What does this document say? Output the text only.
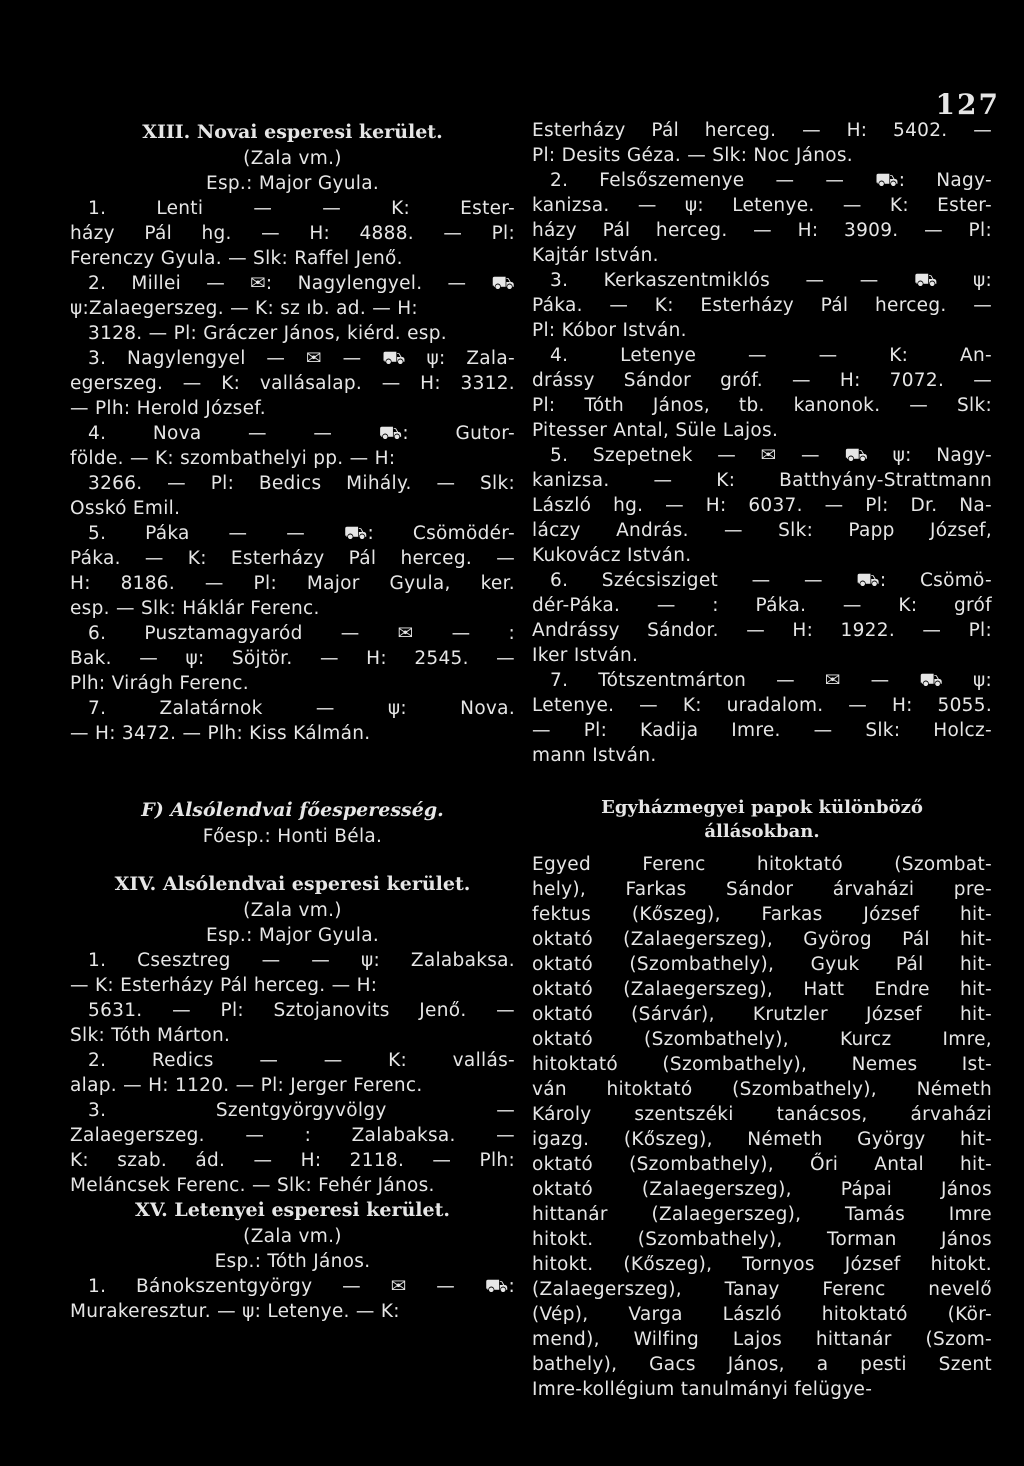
127
XIII. Novai esperesi kerület.
(Zala vm.)
Esp.: Major Gyula.
1. Lenti — — K: Ester-
házy Pál hg. — H: 4888. — Pl:
Ferenczy Gyula. — Slk: Raffel Jenő.
2. Millei — ✉: Nagylengyel. — ⛟
ψ:Zalaegerszeg. — K: sz ıb. ad. — H:
3128. — Pl: Gráczer János, kiérd. esp.
3. Nagylengyel — ✉ — ⛟ ψ: Zala-
egerszeg. — K: vallásalap. — H: 3312.
— Plh: Herold József.
4. Nova — — ⛟: Gutor-
földe. — K: szombathelyi pp. — H:
3266. — Pl: Bedics Mihály. — Slk:
Osskó Emil.
5. Páka — — ⛟: Csömödér-
Páka. — K: Esterházy Pál herceg. —
H: 8186. — Pl: Major Gyula, ker.
esp. — Slk: Háklár Ferenc.
6. Pusztamagyaród — ✉ — :
Bak. — ψ: Söjtör. — H: 2545. —
Plh: Virágh Ferenc.
7. Zalatárnok — ψ: Nova.
— H: 3472. — Plh: Kiss Kálmán.
F) Alsólendvai főesperesség.
Főesp.: Honti Béla.
XIV. Alsólendvai esperesi kerület.
(Zala vm.)
Esp.: Major Gyula.
1. Csesztreg — — ψ: Zalabaksa.
— K: Esterházy Pál herceg. — H:
5631. — Pl: Sztojanovits Jenő. —
Slk: Tóth Márton.
2. Redics — — K: vallás-
alap. — H: 1120. — Pl: Jerger Ferenc.
3. Szentgyörgyvölgy —
Zalaegerszeg. — : Zalabaksa. —
K: szab. ád. — H: 2118. — Plh:
Meláncsek Ferenc. — Slk: Fehér János.
XV. Letenyei esperesi kerület.
(Zala vm.)
Esp.: Tóth János.
1. Bánokszentgyörgy — ✉ — ⛟:
Murakeresztur. — ψ: Letenye. — K:
Esterházy Pál herceg. — H: 5402. —
Pl: Desits Géza. — Slk: Noc János.
2. Felsőszemenye — — ⛟: Nagy-
kanizsa. — ψ: Letenye. — K: Ester-
házy Pál herceg. — H: 3909. — Pl:
Kajtár István.
3. Kerkaszentmiklós — — ⛟ ψ:
Páka. — K: Esterházy Pál herceg. —
Pl: Kóbor István.
4. Letenye — — K: An-
drássy Sándor gróf. — H: 7072. —
Pl: Tóth János, tb. kanonok. — Slk:
Pitesser Antal, Süle Lajos.
5. Szepetnek — ✉ — ⛟ ψ: Nagy-
kanizsa. — K: Batthyány-Strattmann
László hg. — H: 6037. — Pl: Dr. Na-
láczy András. — Slk: Papp József,
Kukovácz István.
6. Szécsisziget — — ⛟: Csömö-
dér-Páka. — : Páka. — K: gróf
Andrássy Sándor. — H: 1922. — Pl:
Iker István.
7. Tótszentmárton — ✉ — ⛟ ψ:
Letenye. — K: uradalom. — H: 5055.
— Pl: Kadija Imre. — Slk: Holcz-
mann István.
Egyházmegyei papok különböző
állásokban.
Egyed Ferenc hitoktató (Szombat-
hely), Farkas Sándor árvaházi pre-
fektus (Kőszeg), Farkas József hit-
oktató (Zalaegerszeg), Györog Pál hit-
oktató (Szombathely), Gyuk Pál hit-
oktató (Zalaegerszeg), Hatt Endre hit-
oktató (Sárvár), Krutzler József hit-
oktató (Szombathely), Kurcz Imre,
hitoktató (Szombathely), Nemes Ist-
ván hitoktató (Szombathely), Németh
Károly szentszéki tanácsos, árvaházi
igazg. (Kőszeg), Németh György hit-
oktató (Szombathely), Őri Antal hit-
oktató (Zalaegerszeg), Pápai János
hittanár (Zalaegerszeg), Tamás Imre
hitokt. (Szombathely), Torman János
hitokt. (Kőszeg), Tornyos József hitokt.
(Zalaegerszeg), Tanay Ferenc nevelő
(Vép), Varga László hitoktató (Kör-
mend), Wilfing Lajos hittanár (Szom-
bathely), Gacs János, a pesti Szent
Imre-kollégium tanulmányi felügye-
